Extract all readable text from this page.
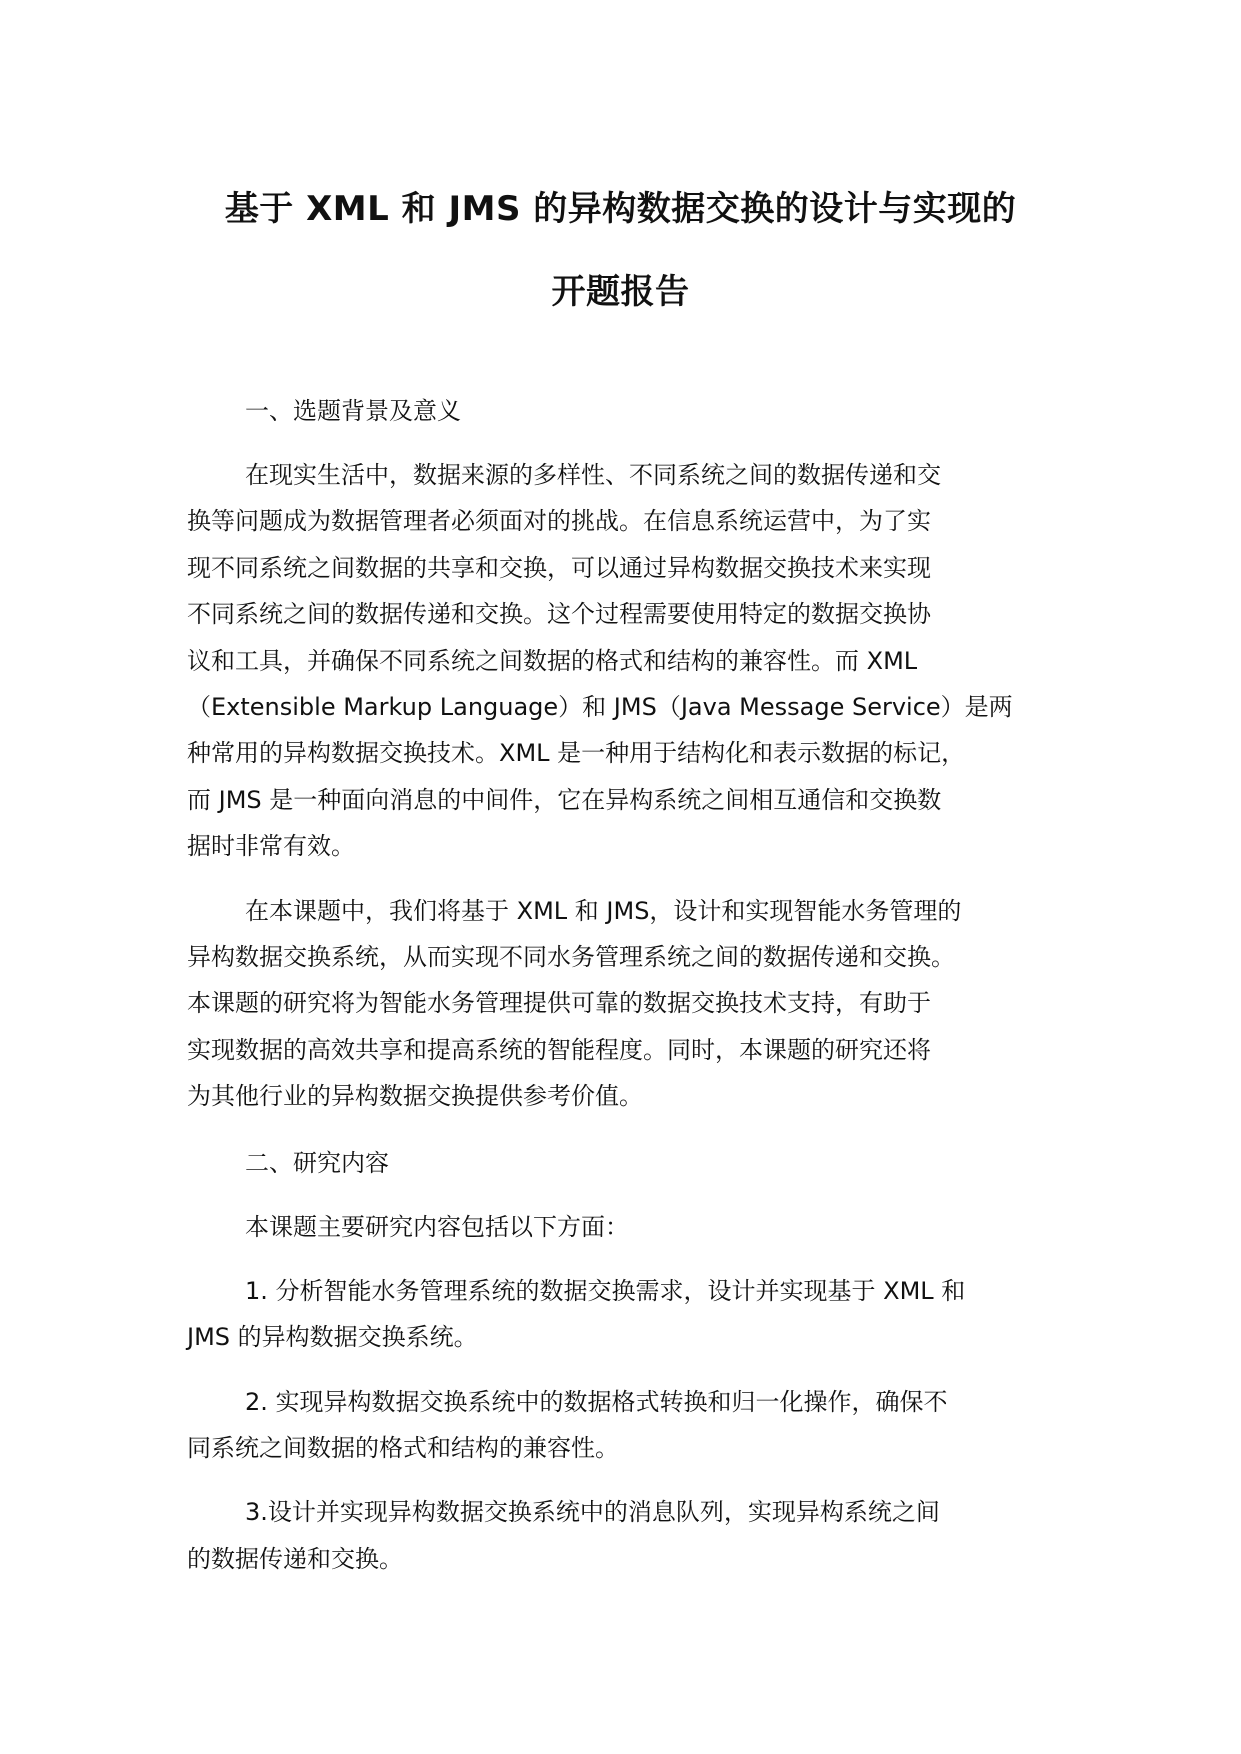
基于 XML 和 JMS 的异构数据交换的设计与实现的
开题报告
一、选题背景及意义
在现实生活中，数据来源的多样性、不同系统之间的数据传递和交
换等问题成为数据管理者必须面对的挑战。在信息系统运营中，为了实
现不同系统之间数据的共享和交换，可以通过异构数据交换技术来实现
不同系统之间的数据传递和交换。这个过程需要使用特定的数据交换协
议和工具，并确保不同系统之间数据的格式和结构的兼容性。而 XML
（Extensible Markup Language）和 JMS（Java Message Service）是两
种常用的异构数据交换技术。XML 是一种用于结构化和表示数据的标记，
而 JMS 是一种面向消息的中间件，它在异构系统之间相互通信和交换数
据时非常有效。
在本课题中，我们将基于 XML 和 JMS，设计和实现智能水务管理的
异构数据交换系统，从而实现不同水务管理系统之间的数据传递和交换。
本课题的研究将为智能水务管理提供可靠的数据交换技术支持，有助于
实现数据的高效共享和提高系统的智能程度。同时，本课题的研究还将
为其他行业的异构数据交换提供参考价值。
二、研究内容
本课题主要研究内容包括以下方面：
1. 分析智能水务管理系统的数据交换需求，设计并实现基于 XML 和
JMS 的异构数据交换系统。
2. 实现异构数据交换系统中的数据格式转换和归一化操作，确保不
同系统之间数据的格式和结构的兼容性。
3.设计并实现异构数据交换系统中的消息队列，实现异构系统之间
的数据传递和交换。
